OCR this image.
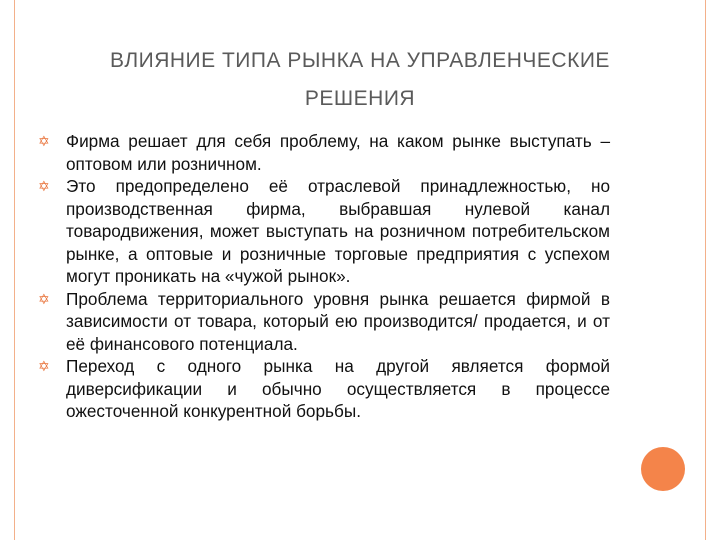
ВЛИЯНИЕ ТИПА РЫНКА НА УПРАВЛЕНЧЕСКИЕ
РЕШЕНИЯ
✡ Фирма решает для себя проблему, на каком рынке выступать – оптовом или розничном.
✡ Это предопределено её отраслевой принадлежностью, но производственная фирма, выбравшая нулевой канал товародвижения, может выступать на розничном потребительском рынке, а оптовые и розничные торговые предприятия с успехом могут проникать на «чужой рынок».
✡ Проблема территориального уровня рынка решается фирмой в зависимости от товара, который ею производится/ продается, и от её финансового потенциала.
✡ Переход с одного рынка на другой является формой диверсификации и обычно осуществляется в процессе ожесточенной конкурентной борьбы.
